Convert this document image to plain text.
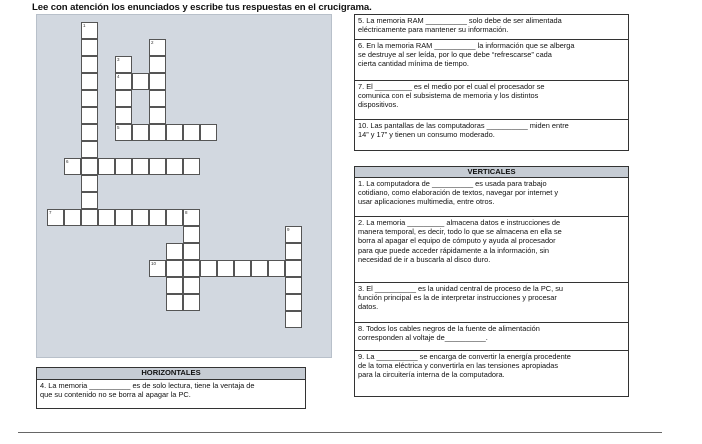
Lee con atención los enunciados y escribe tus respuestas en el crucigrama.
1
2
3
4
5
6
7	8
9
10
5. La memoria RAM __________ solo debe de ser alimentada
eléctricamente para mantener su información.
6. En la memoria RAM __________ la información que se alberga
se destruye al ser leída, por lo que debe “refrescarse” cada
cierta cantidad mínima de tiempo.
7. El _________ es el medio por el cual el procesador se
comunica con el subsistema de memoria y los distintos
dispositivos.
10. Las pantallas de las computadoras __________ miden entre
14” y 17” y tienen un consumo moderado.
VERTICALES
1. La computadora de __________ es usada para trabajo
cotidiano, como elaboración de textos, navegar por internet y
usar aplicaciones multimedia, entre otros.
2. La memoria _________ almacena datos e instrucciones de
manera temporal, es decir, todo lo que se almacena en ella se
borra al apagar el equipo de cómputo y ayuda al procesador
para que puede acceder rápidamente a la información, sin
necesidad de ir a buscarla al disco duro.
3. El __________ es la unidad central de proceso de la PC, su
función principal es la de interpretar instrucciones y procesar
datos.
8. Todos los cables negros de la fuente de alimentación
corresponden al voltaje de__________.
9. La __________ se encarga de convertir la energía procedente
de la toma eléctrica y convertirla en las tensiones apropiadas
para la circuitería interna de la computadora.
HORIZONTALES
4. La memoria __________ es de solo lectura, tiene la ventaja de
que su contenido no se borra al apagar la PC.
